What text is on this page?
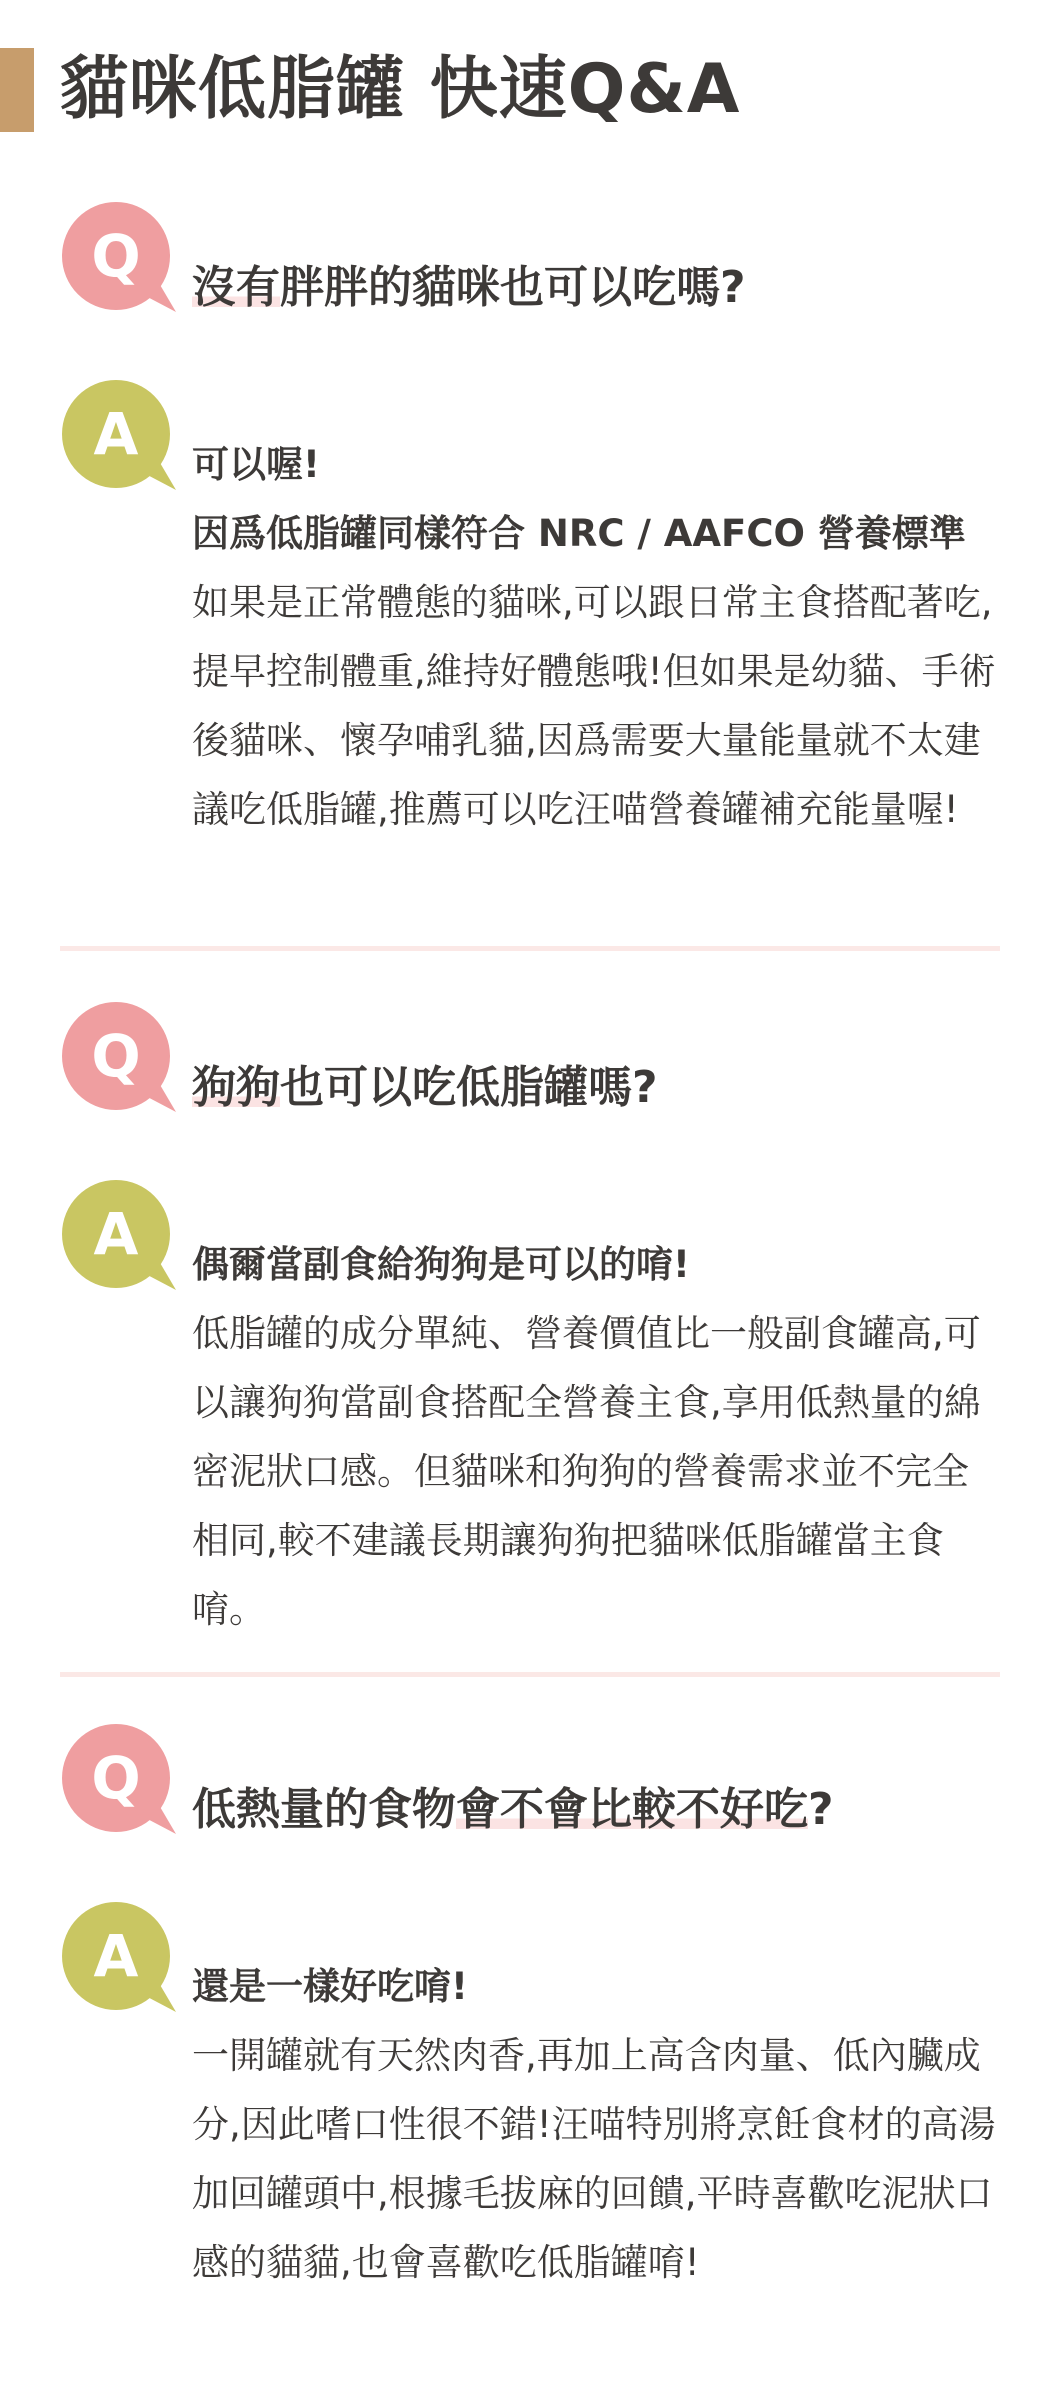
貓咪低脂罐 快速Q&A
Q 沒有胖胖的貓咪也可以吃嗎?
A 可以喔!
因爲低脂罐同樣符合 NRC / AAFCO 營養標準
如果是正常體態的貓咪,可以跟日常主食搭配著吃,提早控制體重,維持好體態哦!但如果是幼貓、手術後貓咪、懷孕哺乳貓,因爲需要大量能量就不太建議吃低脂罐,推薦可以吃汪喵營養罐補充能量喔!
Q 狗狗也可以吃低脂罐嗎?
A 偶爾當副食給狗狗是可以的唷!
低脂罐的成分單純、營養價值比一般副食罐高,可以讓狗狗當副食搭配全營養主食,享用低熱量的綿密泥狀口感。但貓咪和狗狗的營養需求並不完全相同,較不建議長期讓狗狗把貓咪低脂罐當主食唷。
Q 低熱量的食物會不會比較不好吃?
A 還是一樣好吃唷!
一開罐就有天然肉香,再加上高含肉量、低內臟成分,因此嗜口性很不錯!汪喵特別將烹飪食材的高湯加回罐頭中,根據毛拔麻的回饋,平時喜歡吃泥狀口感的貓貓,也會喜歡吃低脂罐唷!
